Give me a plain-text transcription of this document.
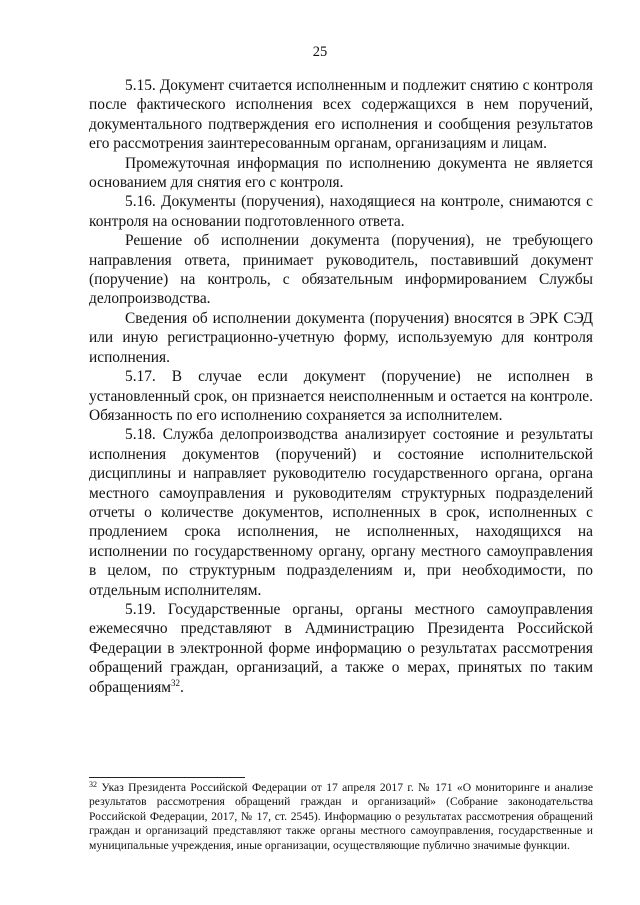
25

5.15. Документ считается исполненным и подлежит снятию с контроля после фактического исполнения всех содержащихся в нем поручений, документального подтверждения его исполнения и сообщения результатов его рассмотрения заинтересованным органам, организациям и лицам.

Промежуточная информация по исполнению документа не является основанием для снятия его с контроля.

5.16. Документы (поручения), находящиеся на контроле, снимаются с контроля на основании подготовленного ответа.

Решение об исполнении документа (поручения), не требующего направления ответа, принимает руководитель, поставивший документ (поручение) на контроль, с обязательным информированием Службы делопроизводства.

Сведения об исполнении документа (поручения) вносятся в ЭРК СЭД или иную регистрационно-учетную форму, используемую для контроля исполнения.

5.17. В случае если документ (поручение) не исполнен в установленный срок, он признается неисполненным и остается на контроле. Обязанность по его исполнению сохраняется за исполнителем.

5.18. Служба делопроизводства анализирует состояние и результаты исполнения документов (поручений) и состояние исполнительской дисциплины и направляет руководителю государственного органа, органа местного самоуправления и руководителям структурных подразделений отчеты о количестве документов, исполненных в срок, исполненных с продлением срока исполнения, не исполненных, находящихся на исполнении по государственному органу, органу местного самоуправления в целом, по структурным подразделениям и, при необходимости, по отдельным исполнителям.

5.19. Государственные органы, органы местного самоуправления ежемесячно представляют в Администрацию Президента Российской Федерации в электронной форме информацию о результатах рассмотрения обращений граждан, организаций, а также о мерах, принятых по таким обращениям$^{32}$.

$^{32}$ Указ Президента Российской Федерации от 17 апреля 2017 г. № 171 «О мониторинге и анализе результатов рассмотрения обращений граждан и организаций» (Собрание законодательства Российской Федерации, 2017, № 17, ст. 2545). Информацию о результатах рассмотрения обращений граждан и организаций представляют также органы местного самоуправления, государственные и муниципальные учреждения, иные организации, осуществляющие публично значимые функции.
